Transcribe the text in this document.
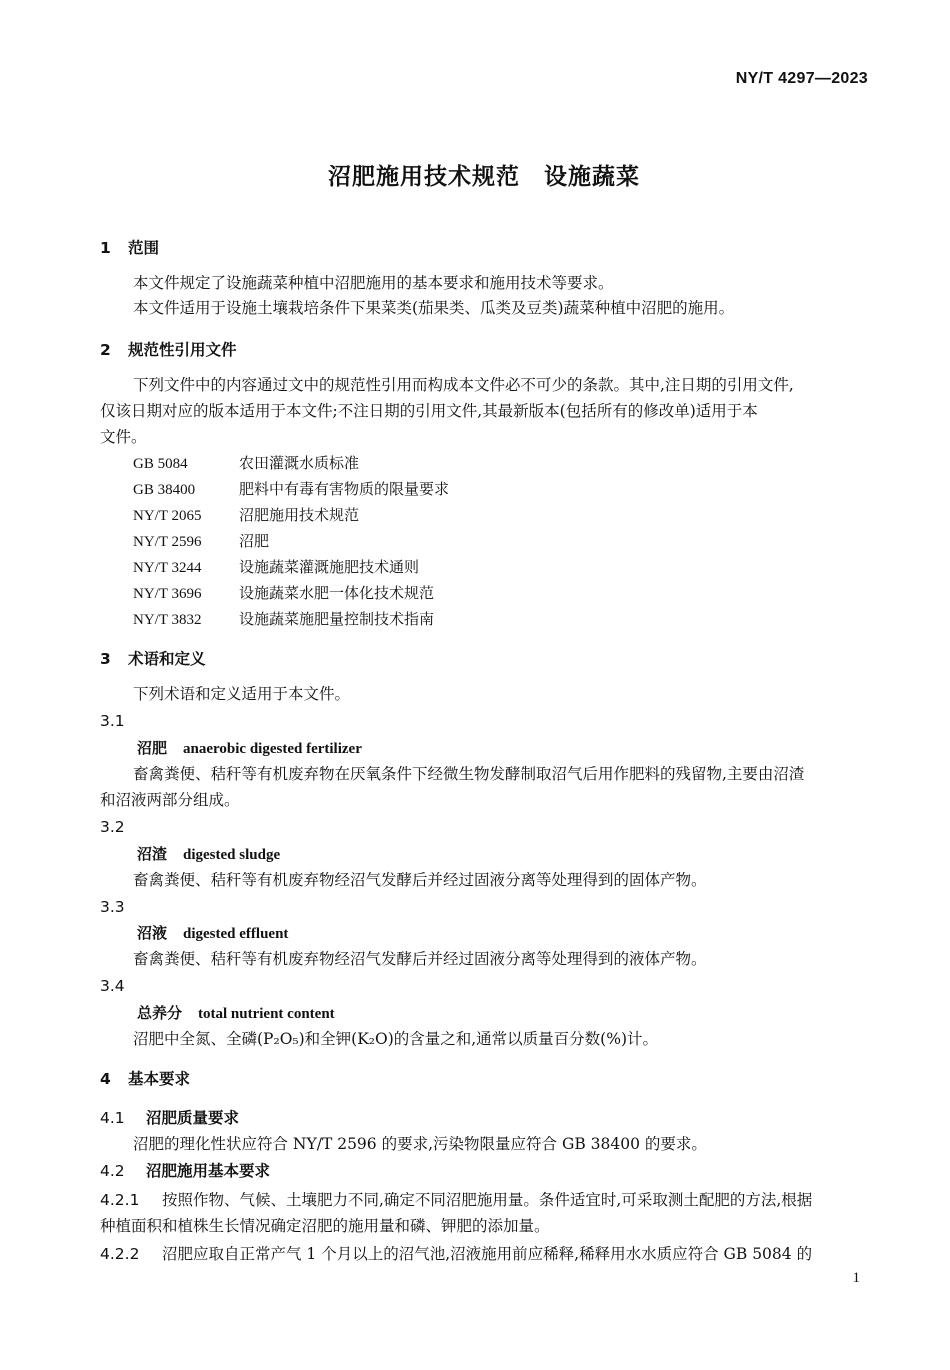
NY/T 4297—2023
沼肥施用技术规范　设施蔬菜
1 范围
本文件规定了设施蔬菜种植中沼肥施用的基本要求和施用技术等要求。
本文件适用于设施土壤栽培条件下果菜类(茄果类、瓜类及豆类)蔬菜种植中沼肥的施用。
2 规范性引用文件
下列文件中的内容通过文中的规范性引用而构成本文件必不可少的条款。其中,注日期的引用文件,
仅该日期对应的版本适用于本文件;不注日期的引用文件,其最新版本(包括所有的修改单)适用于本
文件。
GB 5084	农田灌溉水质标准
GB 38400	肥料中有毒有害物质的限量要求
NY/T 2065	沼肥施用技术规范
NY/T 2596	沼肥
NY/T 3244	设施蔬菜灌溉施肥技术通则
NY/T 3696	设施蔬菜水肥一体化技术规范
NY/T 3832	设施蔬菜施肥量控制技术指南
3 术语和定义
下列术语和定义适用于本文件。
3.1
沼肥 anaerobic digested fertilizer
畜禽粪便、秸秆等有机废弃物在厌氧条件下经微生物发酵制取沼气后用作肥料的残留物,主要由沼渣
和沼液两部分组成。
3.2
沼渣 digested sludge
畜禽粪便、秸秆等有机废弃物经沼气发酵后并经过固液分离等处理得到的固体产物。
3.3
沼液 digested effluent
畜禽粪便、秸秆等有机废弃物经沼气发酵后并经过固液分离等处理得到的液体产物。
3.4
总养分 total nutrient content
沼肥中全氮、全磷(P₂O₅)和全钾(K₂O)的含量之和,通常以质量百分数(%)计。
4 基本要求
4.1 沼肥质量要求
沼肥的理化性状应符合 NY/T 2596 的要求,污染物限量应符合 GB 38400 的要求。
4.2 沼肥施用基本要求
4.2.1 按照作物、气候、土壤肥力不同,确定不同沼肥施用量。条件适宜时,可采取测土配肥的方法,根据
种植面积和植株生长情况确定沼肥的施用量和磷、钾肥的添加量。
4.2.2 沼肥应取自正常产气 1 个月以上的沼气池,沼液施用前应稀释,稀释用水水质应符合 GB 5084 的
1
